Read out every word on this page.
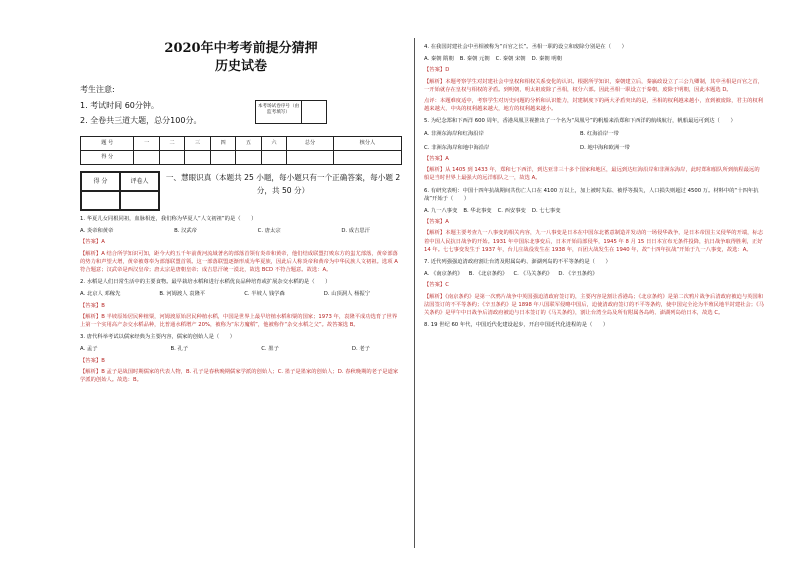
2020年中考考前提分猜押
历史试卷
考生注意:
1. 考试时间 60分钟。
2. 全卷共三道大题，总分100分。
本考场试卷序号（由监考填写）
题 号	一	二	三	四	五	六	总分	核分人
得 分								
得 分	评卷人	一、慧眼识真（本题共 25 小题，每小题只有一个正确答案，每小题 2 分，共 50 分）
1. 华夏儿女同根同祖，血脉相连，我们称为华夏人“人文初祖”的是（　　）
A. 炎帝和黄帝	B. 汉武帝	C. 唐太宗	D. 成吉思汗
【答案】A
【解析】A 结合所学知识可知，距今大约五千年前黄河流域著名的部落首领有炎帝和黄帝，他们结成联盟打败东方的蚩尤部落，黄帝部落的势力和声望大增，黄帝被尊奉为部落联盟首领。这一部落联盟逐渐形成为华夏族，因此后人称炎帝和黄帝为中华民族人文初祖。选项 A 符合题意；汉武帝是西汉皇帝；唐太宗是唐朝皇帝；成吉思汗统一漠北，故选 BCD 不符合题意。故选：A。
2. 水稻是人们日常生活中的主要食物。最早栽培水稻和进行水稻优良品种培育或扩展杂交水稻的是（　　）
A. 北京人 邓稼先	B. 河姆渡人 袁隆平	C. 半坡人 钱学森	D. 山顶洞人 杨振宁
【答案】B
【解析】B 半坡原始居民种植粟，河姆渡原始居民种植水稻，中国是世界上最早培植水稻和粟的国家；1973 年，袁隆平成功选育了世界上第一个实用高产杂交水稻品种，比普通水稻增产 20%，被称为“东方魔稻”，他被称作“杂交水稻之父”。故答案选 B。
3. 唐代科举考试以儒家经典为主要内容，儒家的创始人是（　　）
A. 孟子	B. 孔子	C. 墨子	D. 老子
【答案】B
【解析】B 孟子是战国时期儒家的代表人物，B. 孔子是春秋晚期儒家学派的创始人；C. 墨子是墨家的创始人；D. 春秋晚期的老子是道家学派的创始人。故选：B。
4. 在我国封建社会中丞相被称为“百官之长”。丞相一职的设立和废除分别是在（　　）
A. 秦朝 隋朝 B. 秦朝 元朝 C. 秦朝 宋朝 D. 秦朝 明朝
【答案】D
【解析】本题考察学生对封建社会中皇权和相权关系变化的认识。根据所学知识，秦朝建立后，秦嬴政设立了三公九卿制，其中丞相是百官之首，一开始就存在皇权与相权的矛盾。到明朝，明太祖废除了丞相，权分六部。因此丞相一职设立于秦朝，废除于明朝，因此本题选 D。
点评：本题难度适中，考察学生对历史问题的分析和认识能力，封建制度下的两大矛盾突出的是，丞相的权利越来越小，直到被废除，君主的权利越来越大，中央的权利越来越大，地方的权利越来越小。
5. 为纪念郑和下西洋 600 周年，香港凤凰卫视推出了一个名为“凤凰号”的帆船来沿郑和下西洋的航线航行，帆船最远可到达（　　）
A. 非洲东海岸和红海沿岸	B. 红海沿岸一带
C. 非洲东海岸和地中海沿岸	D. 地中海和欧洲一带
【答案】A
【解析】从 1405 到 1433 年，郑和七下西洋，到达亚非三十多个国家和地区，最远到达红海沿岸和非洲东海岸，此时郑和船队所到航程最远的船是当时世界上最强大的远洋船队之一，故选 A。
6. 有研究表明：中国十四年抗战期间共伤亡人口在 4100 万以上，加上被时失踪、被俘等损失，人口损失则超过 4500 万。材料中的“十四年抗战”开始于（　　）
A. 九一八事变 B. 华北事变 C. 西安事变 D. 七七事变
【答案】A
【解析】本题主要考查九一八事变的相关内容，九一八事变是日本在中国东北蓄意制造并发动的一场侵华战争，是日本帝国主义侵华的开端，标志着中国人民抗日战争的开始。1931 年中国东北事变后，日本开始局部侵华，1945 年 8 月 15 日日本宣布无条件投降，抗日战争取得胜利，正好 14 年。七七事变发生于 1937 年，台儿庄战役发生在 1938 年，百团大战发生在 1940 年，故“十四年抗战”开始于九一八事变，故选：A。
7. 近代列强强迫清政府割让台湾及附属岛屿、澎湖列岛的不平等条约是（　　）
A. 《南京条约》 B. 《北京条约》 C. 《马关条约》 D. 《辛丑条约》
【答案】C
【解析】《南京条约》是第一次鸦片战争中英国强迫清政府签订的，主要内容是割让香港岛；《北京条约》是第二次鸦片战争后清政府被迫与英国和法国签订的不平等条约；《辛丑条约》是 1898 年八国联军侵略中国后，迫使清政府签订的不平等条约，使中国完全沦为半殖民地半封建社会；《马关条约》是甲午中日战争后清政府被迫与日本签订的《马关条约》，割让台湾全岛及所有附属各岛屿、澎湖列岛给日本，故选 C。
8. 19 世纪 60 年代，中国近代化建设起步，开启中国近代化进程的是（　　）
